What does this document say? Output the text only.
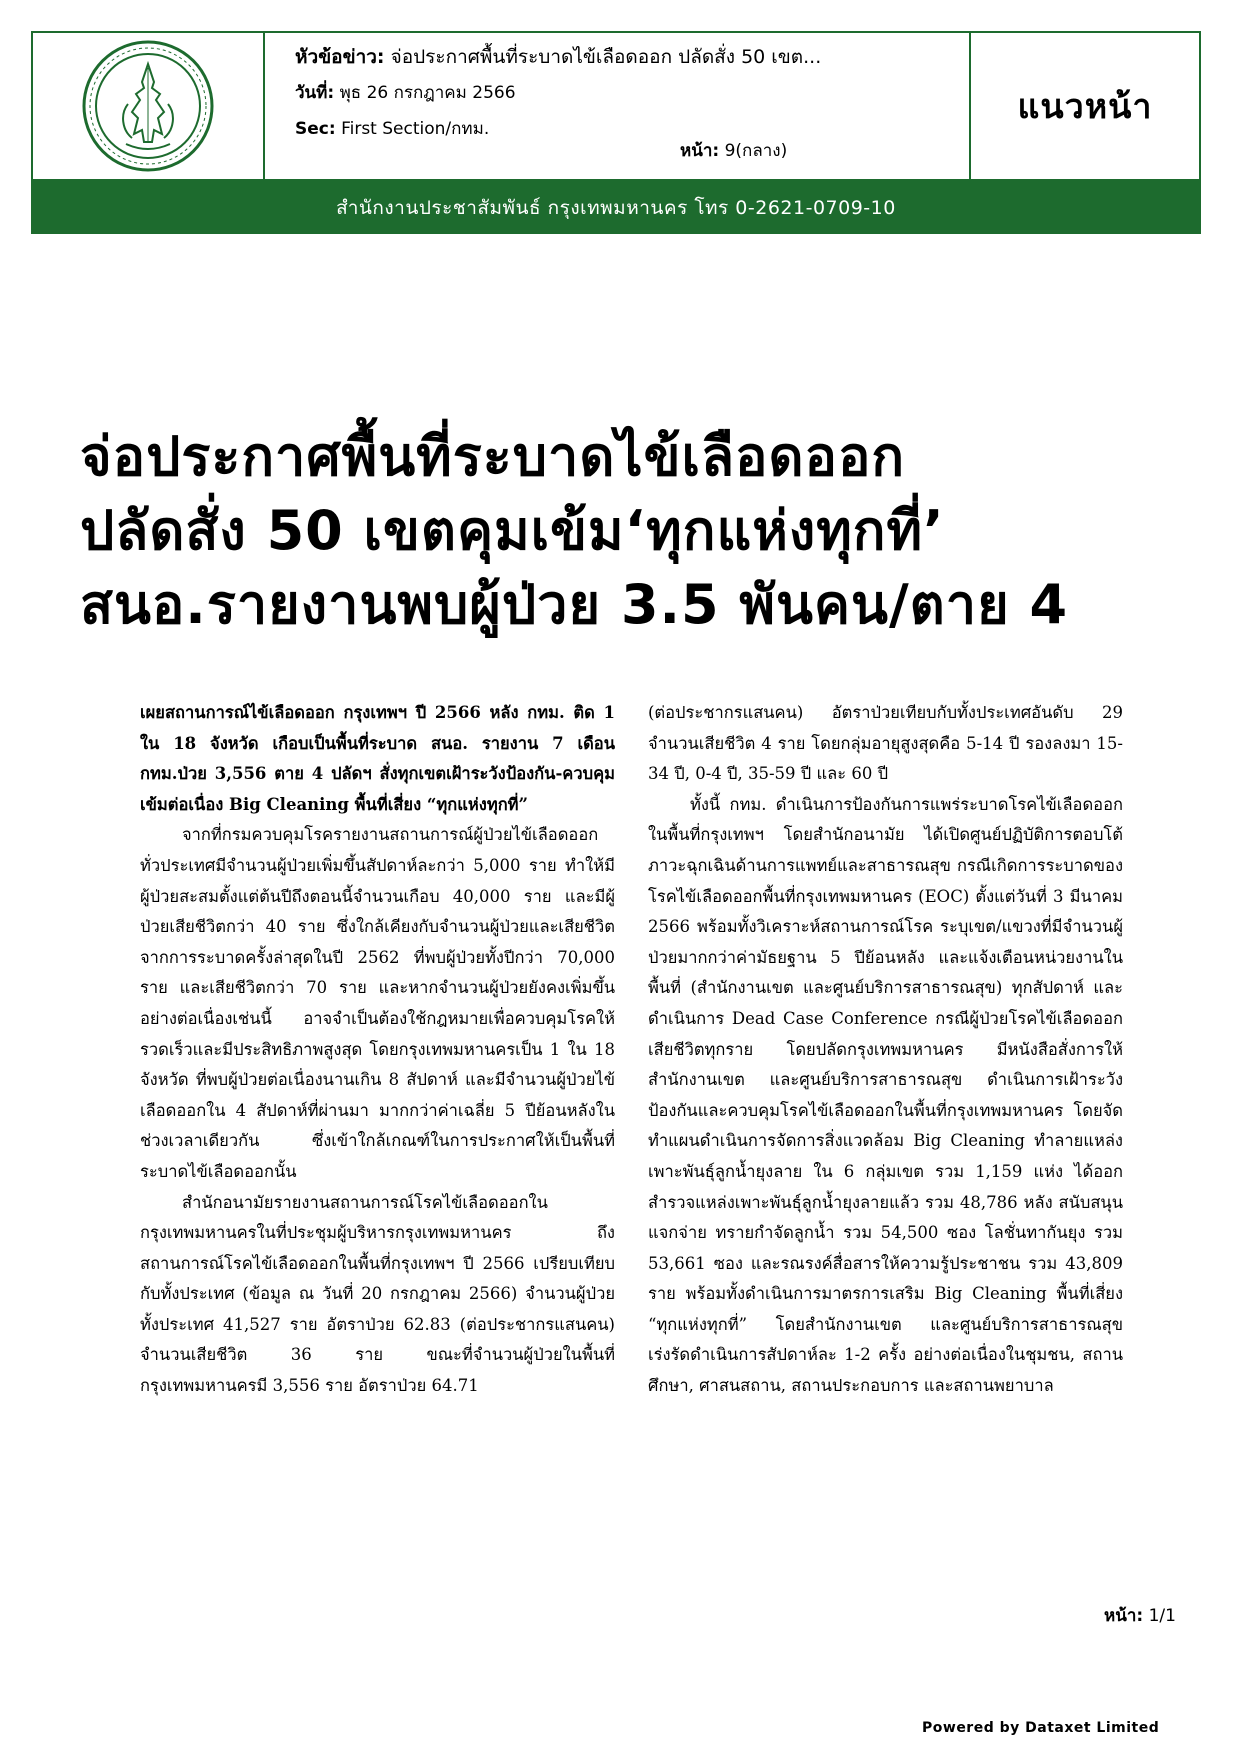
หัวข้อข่าว: จ่อประกาศพื้นที่ระบาดไข้เลือดออก ปลัดสั่ง 50 เขต...
วันที่: พุธ 26 กรกฎาคม 2566
Sec: First Section/กทม.
หน้า: 9(กลาง)
แนวหน้า
สำนักงานประชาสัมพันธ์ กรุงเทพมหานคร โทร 0-2621-0709-10
จ่อประกาศพื้นที่ระบาดไข้เลือดออก
ปลัดสั่ง 50 เขตคุมเข้ม‘ทุกแห่งทุกที่’
สนอ.รายงานพบผู้ป่วย 3.5 พันคน/ตาย 4

เผยสถานการณ์ไข้เลือดออก กรุงเทพฯ ปี 2566 หลัง กทม. ติด 1 ใน 18 จังหวัด เกือบเป็นพื้นที่ระบาด สนอ. รายงาน 7 เดือน กทม.ป่วย 3,556 ตาย 4 ปลัดฯ สั่งทุกเขตเฝ้าระวังป้องกัน-ควบคุมเข้มต่อเนื่อง Big Cleaning พื้นที่เสี่ยง “ทุกแห่งทุกที่”

จากที่กรมควบคุมโรครายงานสถานการณ์ผู้ป่วยไข้เลือดออกทั่วประเทศมีจำนวนผู้ป่วยเพิ่มขึ้นสัปดาห์ละกว่า 5,000 ราย ทำให้มีผู้ป่วยสะสมตั้งแต่ต้นปีถึงตอนนี้จำนวนเกือบ 40,000 ราย และมีผู้ป่วยเสียชีวิตกว่า 40 ราย ซึ่งใกล้เคียงกับจำนวนผู้ป่วยและเสียชีวิตจากการระบาดครั้งล่าสุดในปี 2562 ที่พบผู้ป่วยทั้งปีกว่า 70,000 ราย และเสียชีวิตกว่า 70 ราย และหากจำนวนผู้ป่วยยังคงเพิ่มขึ้นอย่างต่อเนื่องเช่นนี้ อาจจำเป็นต้องใช้กฎหมายเพื่อควบคุมโรคให้รวดเร็วและมีประสิทธิภาพสูงสุด โดยกรุงเทพมหานครเป็น 1 ใน 18 จังหวัด ที่พบผู้ป่วยต่อเนื่องนานเกิน 8 สัปดาห์ และมีจำนวนผู้ป่วยไข้เลือดออกใน 4 สัปดาห์ที่ผ่านมา มากกว่าค่าเฉลี่ย 5 ปีย้อนหลังในช่วงเวลาเดียวกัน ซึ่งเข้าใกล้เกณฑ์ในการประกาศให้เป็นพื้นที่ระบาดไข้เลือดออกนั้น

สำนักอนามัยรายงานสถานการณ์โรคไข้เลือดออกในกรุงเทพมหานครในที่ประชุมผู้บริหารกรุงเทพมหานคร ถึงสถานการณ์โรคไข้เลือดออกในพื้นที่กรุงเทพฯ ปี 2566 เปรียบเทียบกับทั้งประเทศ (ข้อมูล ณ วันที่ 20 กรกฎาคม 2566) จำนวนผู้ป่วยทั้งประเทศ 41,527 ราย อัตราป่วย 62.83 (ต่อประชากรแสนคน) จำนวนเสียชีวิต 36 ราย ขณะที่จำนวนผู้ป่วยในพื้นที่กรุงเทพมหานครมี 3,556 ราย อัตราป่วย 64.71

(ต่อประชากรแสนคน) อัตราป่วยเทียบกับทั้งประเทศอันดับ 29 จำนวนเสียชีวิต 4 ราย โดยกลุ่มอายุสูงสุดคือ 5-14 ปี รองลงมา 15-34 ปี, 0-4 ปี, 35-59 ปี และ 60 ปี

ทั้งนี้ กทม. ดำเนินการป้องกันการแพร่ระบาดโรคไข้เลือดออกในพื้นที่กรุงเทพฯ โดยสำนักอนามัย ได้เปิดศูนย์ปฏิบัติการตอบโต้ภาวะฉุกเฉินด้านการแพทย์และสาธารณสุข กรณีเกิดการระบาดของโรคไข้เลือดออกพื้นที่กรุงเทพมหานคร (EOC) ตั้งแต่วันที่ 3 มีนาคม 2566 พร้อมทั้งวิเคราะห์สถานการณ์โรค ระบุเขต/แขวงที่มีจำนวนผู้ป่วยมากกว่าค่ามัธยฐาน 5 ปีย้อนหลัง และแจ้งเตือนหน่วยงานในพื้นที่ (สำนักงานเขต และศูนย์บริการสาธารณสุข) ทุกสัปดาห์ และดำเนินการ Dead Case Conference กรณีผู้ป่วยโรคไข้เลือดออกเสียชีวิตทุกราย โดยปลัดกรุงเทพมหานคร มีหนังสือสั่งการให้สำนักงานเขต และศูนย์บริการสาธารณสุข ดำเนินการเฝ้าระวังป้องกันและควบคุมโรคไข้เลือดออกในพื้นที่กรุงเทพมหานคร โดยจัดทำแผนดำเนินการจัดการสิ่งแวดล้อม Big Cleaning ทำลายแหล่งเพาะพันธุ์ลูกน้ำยุงลาย ใน 6 กลุ่มเขต รวม 1,159 แห่ง ได้ออกสำรวจแหล่งเพาะพันธุ์ลูกน้ำยุงลายแล้ว รวม 48,786 หลัง สนับสนุนแจกจ่าย ทรายกำจัดลูกน้ำ รวม 54,500 ซอง โลชั่นทากันยุง รวม 53,661 ซอง และรณรงค์สื่อสารให้ความรู้ประชาชน รวม 43,809 ราย พร้อมทั้งดำเนินการมาตรการเสริม Big Cleaning พื้นที่เสี่ยง “ทุกแห่งทุกที่” โดยสำนักงานเขต และศูนย์บริการสาธารณสุข เร่งรัดดำเนินการสัปดาห์ละ 1-2 ครั้ง อย่างต่อเนื่องในชุมชน, สถานศึกษา, ศาสนสถาน, สถานประกอบการ และสถานพยาบาล

หน้า: 1/1
Powered by Dataxet Limited
